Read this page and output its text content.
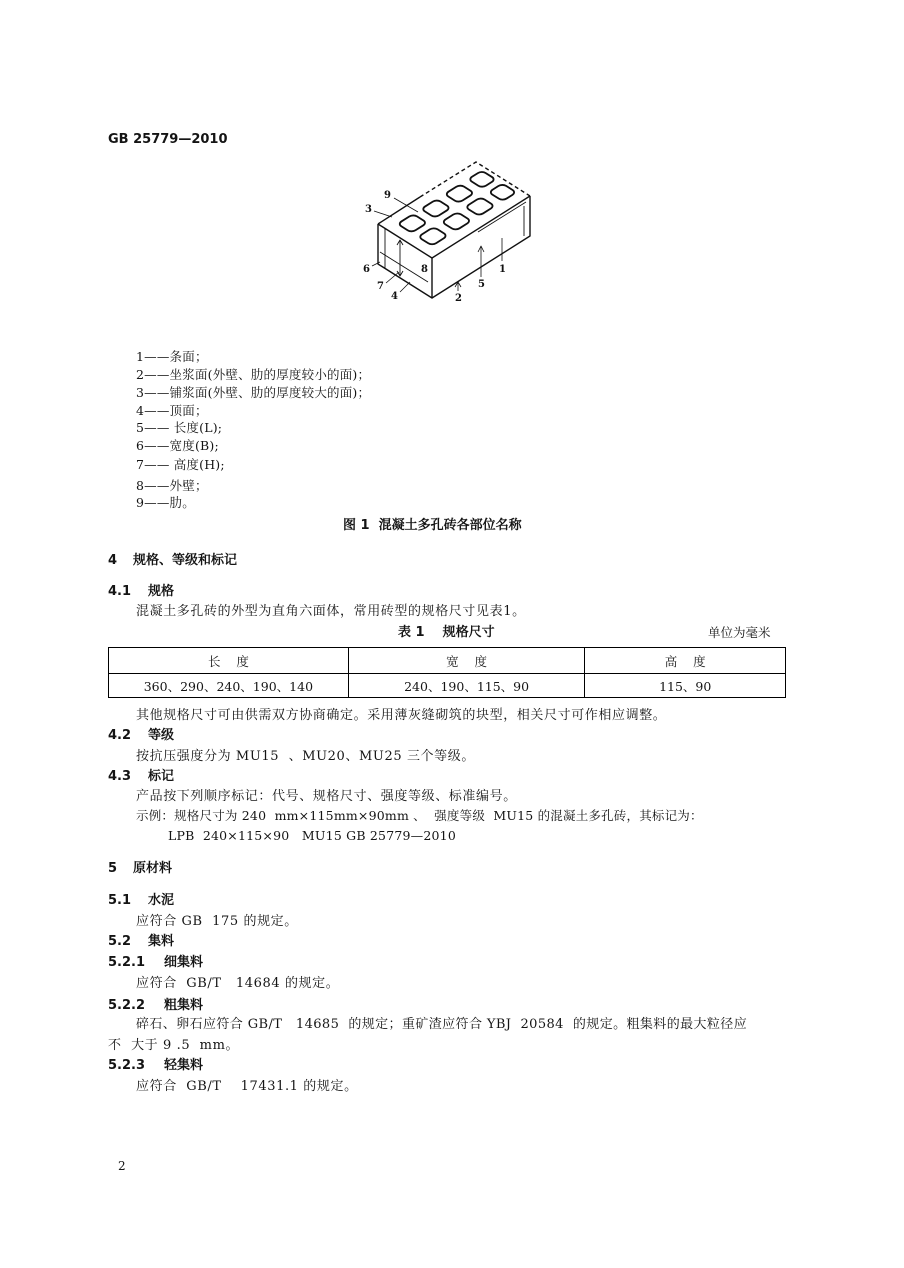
GB 25779—2010
1
2
3
4
5
6
7
8
9
1——条面；
2——坐浆面(外壁、肋的厚度较小的面)；
3——铺浆面(外壁、肋的厚度较大的面)；
4——顶面；
5—— 长度(L);
6——宽度(B);
7—— 高度(H);
8——外壁；
9——肋。
图 1  混凝土多孔砖各部位名称
4 规格、等级和标记
4.1 规格
混凝土多孔砖的外型为直角六面体，常用砖型的规格尺寸见表1。
表 1    规格尺寸	单位为毫米
长    度	宽    度	高    度
360、290、240、190、140	240、190、115、90	115、90
其他规格尺寸可由供需双方协商确定。采用薄灰缝砌筑的块型，相关尺寸可作相应调整。
4.2 等级
按抗压强度分为 MU15  、MU20、MU25 三个等级。
4.3 标记
产品按下列顺序标记：代号、规格尺寸、强度等级、标准编号。
示例：规格尺寸为 240  mm×115mm×90mm 、  强度等级  MU15 的混凝土多孔砖，其标记为：
LPB  240×115×90   MU15 GB 25779—2010
5 原材料
5.1 水泥
应符合 GB  175 的规定。
5.2 集料
5.2.1 细集料
应符合  GB/T   14684 的规定。
5.2.2 粗集料
碎石、卵石应符合 GB/T   14685  的规定；重矿渣应符合 YBJ  20584  的规定。粗集料的最大粒径应
不  大于 9 .5  mm。
5.2.3 轻集料
应符合  GB/T    17431.1 的规定。
2
